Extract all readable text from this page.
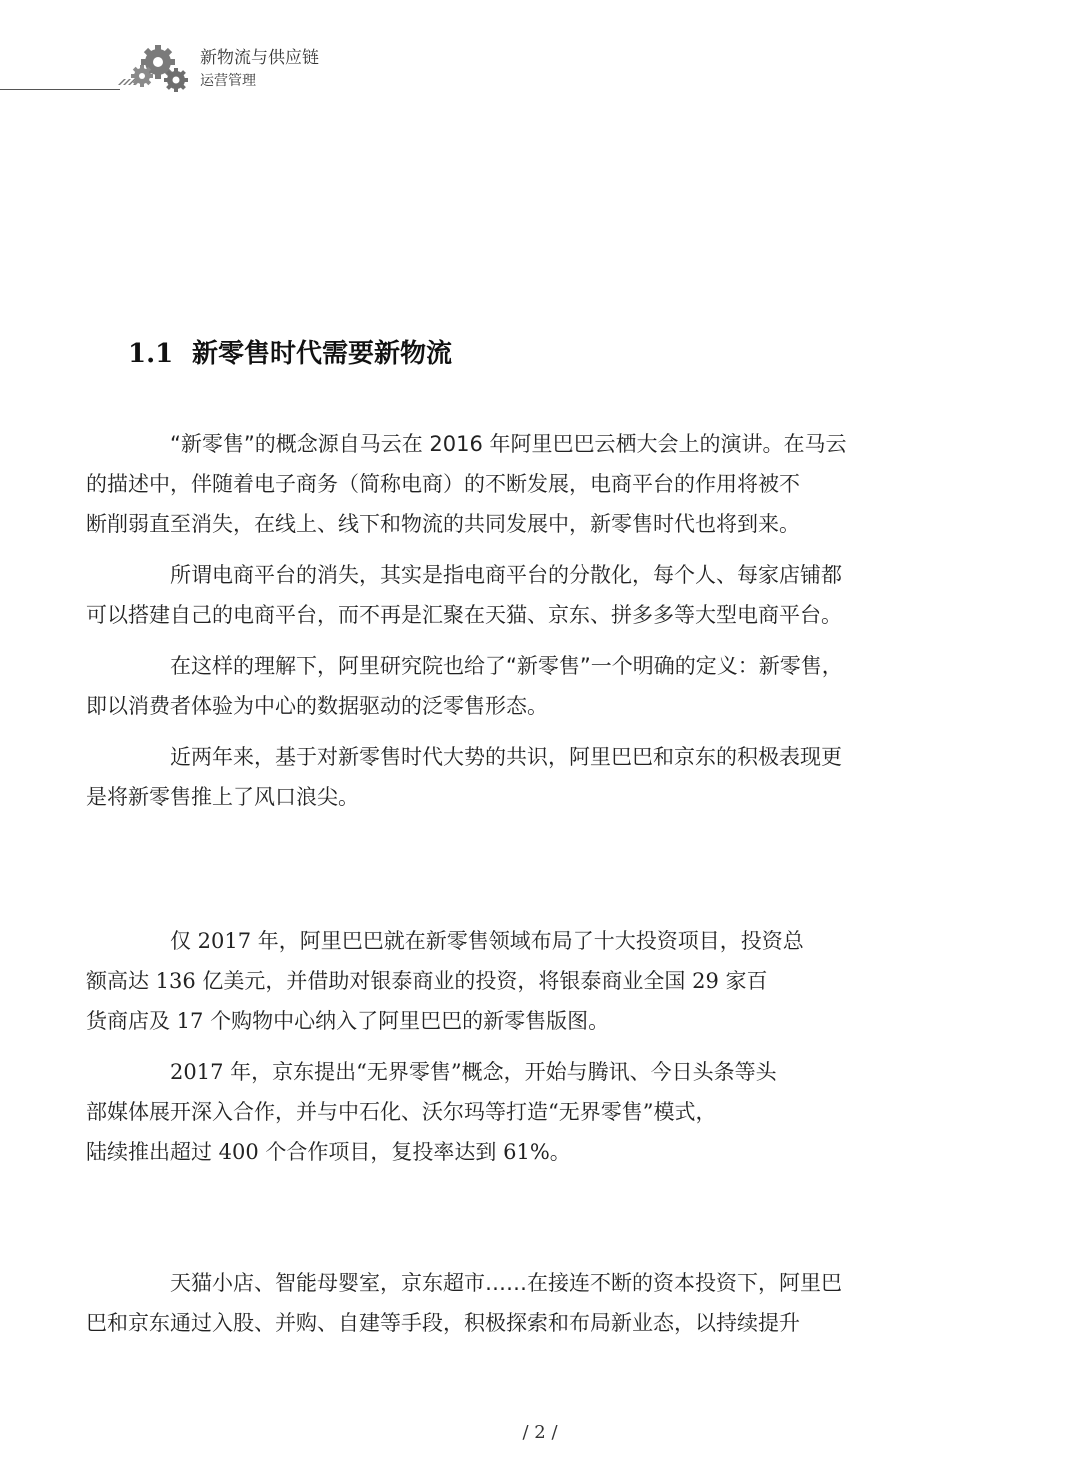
新物流与供应链
运营管理
1.1 新零售时代需要新物流

“新零售”的概念源自马云在 2016 年阿里巴巴云栖大会上的演讲。在马云
的描述中，伴随着电子商务（简称电商）的不断发展，电商平台的作用将被不
断削弱直至消失，在线上、线下和物流的共同发展中，新零售时代也将到来。

所谓电商平台的消失，其实是指电商平台的分散化，每个人、每家店铺都
可以搭建自己的电商平台，而不再是汇聚在天猫、京东、拼多多等大型电商平台。

在这样的理解下，阿里研究院也给了“新零售”一个明确的定义：新零售，
即以消费者体验为中心的数据驱动的泛零售形态。

近两年来，基于对新零售时代大势的共识，阿里巴巴和京东的积极表现更
是将新零售推上了风口浪尖。

仅 2017 年，阿里巴巴就在新零售领域布局了十大投资项目，投资总
额高达 136 亿美元，并借助对银泰商业的投资，将银泰商业全国 29 家百
货商店及 17 个购物中心纳入了阿里巴巴的新零售版图。

2017 年，京东提出“无界零售”概念，开始与腾讯、今日头条等头
部媒体展开深入合作，并与中石化、沃尔玛等打造“无界零售”模式，
陆续推出超过 400 个合作项目，复投率达到 61%。

天猫小店、智能母婴室，京东超市……在接连不断的资本投资下，阿里巴
巴和京东通过入股、并购、自建等手段，积极探索和布局新业态，以持续提升

/ 2 /
